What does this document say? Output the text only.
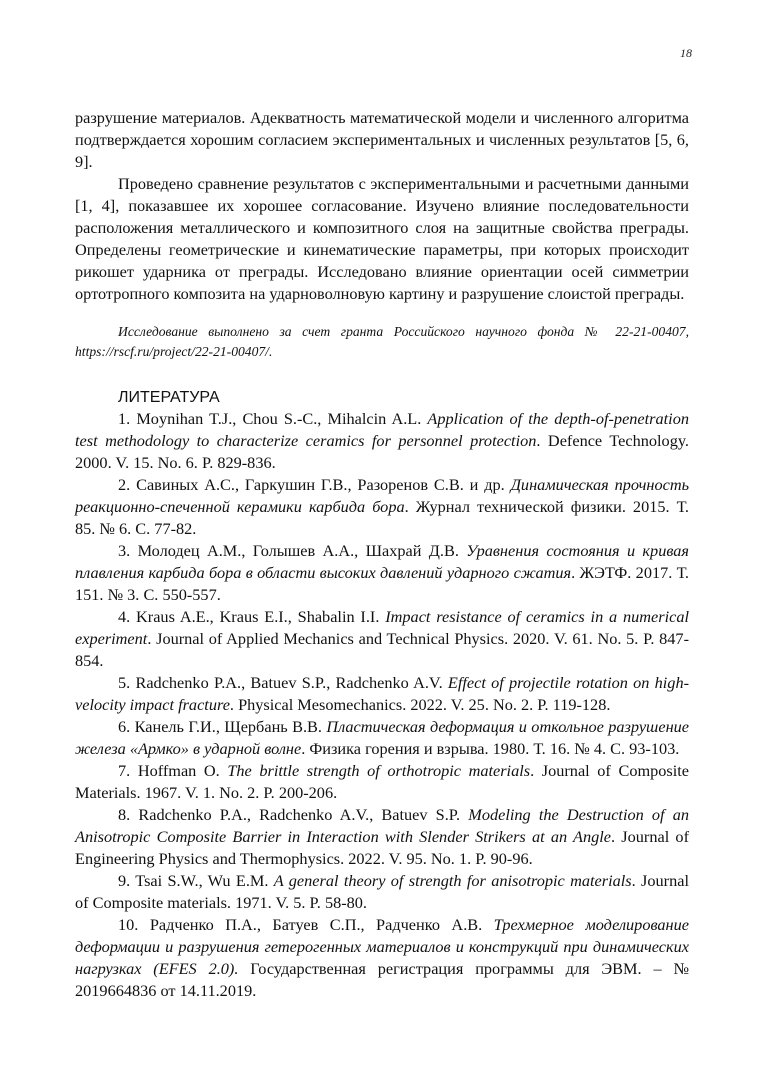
18

разрушение материалов. Адекватность математической модели и численного алгоритма подтверждается хорошим согласием экспериментальных и численных результатов [5, 6, 9].

Проведено сравнение результатов с экспериментальными и расчетными данными [1, 4], показавшее их хорошее согласование. Изучено влияние последовательности расположения металлического и композитного слоя на защитные свойства преграды. Определены геометрические и кинематические параметры, при которых происходит рикошет ударника от преграды. Исследовано влияние ориентации осей симметрии ортотропного композита на ударноволновую картину и разрушение слоистой преграды.

Исследование выполнено за счет гранта Российского научного фонда № 22-21-00407, https://rscf.ru/project/22-21-00407/.

ЛИТЕРАТУРА

1. Moynihan T.J., Chou S.-C., Mihalcin A.L. Application of the depth-of-penetration test methodology to characterize ceramics for personnel protection. Defence Technology. 2000. V. 15. No. 6. P. 829-836.

2. Савиных А.С., Гаркушин Г.В., Разоренов С.В. и др. Динамическая прочность реакционно-спеченной керамики карбида бора. Журнал технической физики. 2015. Т. 85. № 6. С. 77-82.

3. Молодец А.М., Голышев А.А., Шахрай Д.В. Уравнения состояния и кривая плавления карбида бора в области высоких давлений ударного сжатия. ЖЭТФ. 2017. Т. 151. № 3. С. 550-557.

4. Kraus A.E., Kraus E.I., Shabalin I.I. Impact resistance of ceramics in a numerical experiment. Journal of Applied Mechanics and Technical Physics. 2020. V. 61. No. 5. P. 847-854.

5. Radchenko P.A., Batuev S.P., Radchenko A.V. Effect of projectile rotation on high-velocity impact fracture. Physical Mesomechanics. 2022. V. 25. No. 2. P. 119-128.

6. Канель Г.И., Щербань В.В. Пластическая деформация и откольное разрушение железа «Армко» в ударной волне. Физика горения и взрыва. 1980. Т. 16. № 4. С. 93-103.

7. Hoffman O. The brittle strength of orthotropic materials. Journal of Composite Materials. 1967. V. 1. No. 2. P. 200-206.

8. Radchenko P.A., Radchenko A.V., Batuev S.P. Modeling the Destruction of an Anisotropic Composite Barrier in Interaction with Slender Strikers at an Angle. Journal of Engineering Physics and Thermophysics. 2022. V. 95. No. 1. P. 90-96.

9. Tsai S.W., Wu E.M. A general theory of strength for anisotropic materials. Journal of Composite materials. 1971. V. 5. P. 58-80.

10. Радченко П.А., Батуев С.П., Радченко А.В. Трехмерное моделирование деформации и разрушения гетерогенных материалов и конструкций при динамических нагрузках (EFES 2.0). Государственная регистрация программы для ЭВМ. – № 2019664836 от 14.11.2019.
